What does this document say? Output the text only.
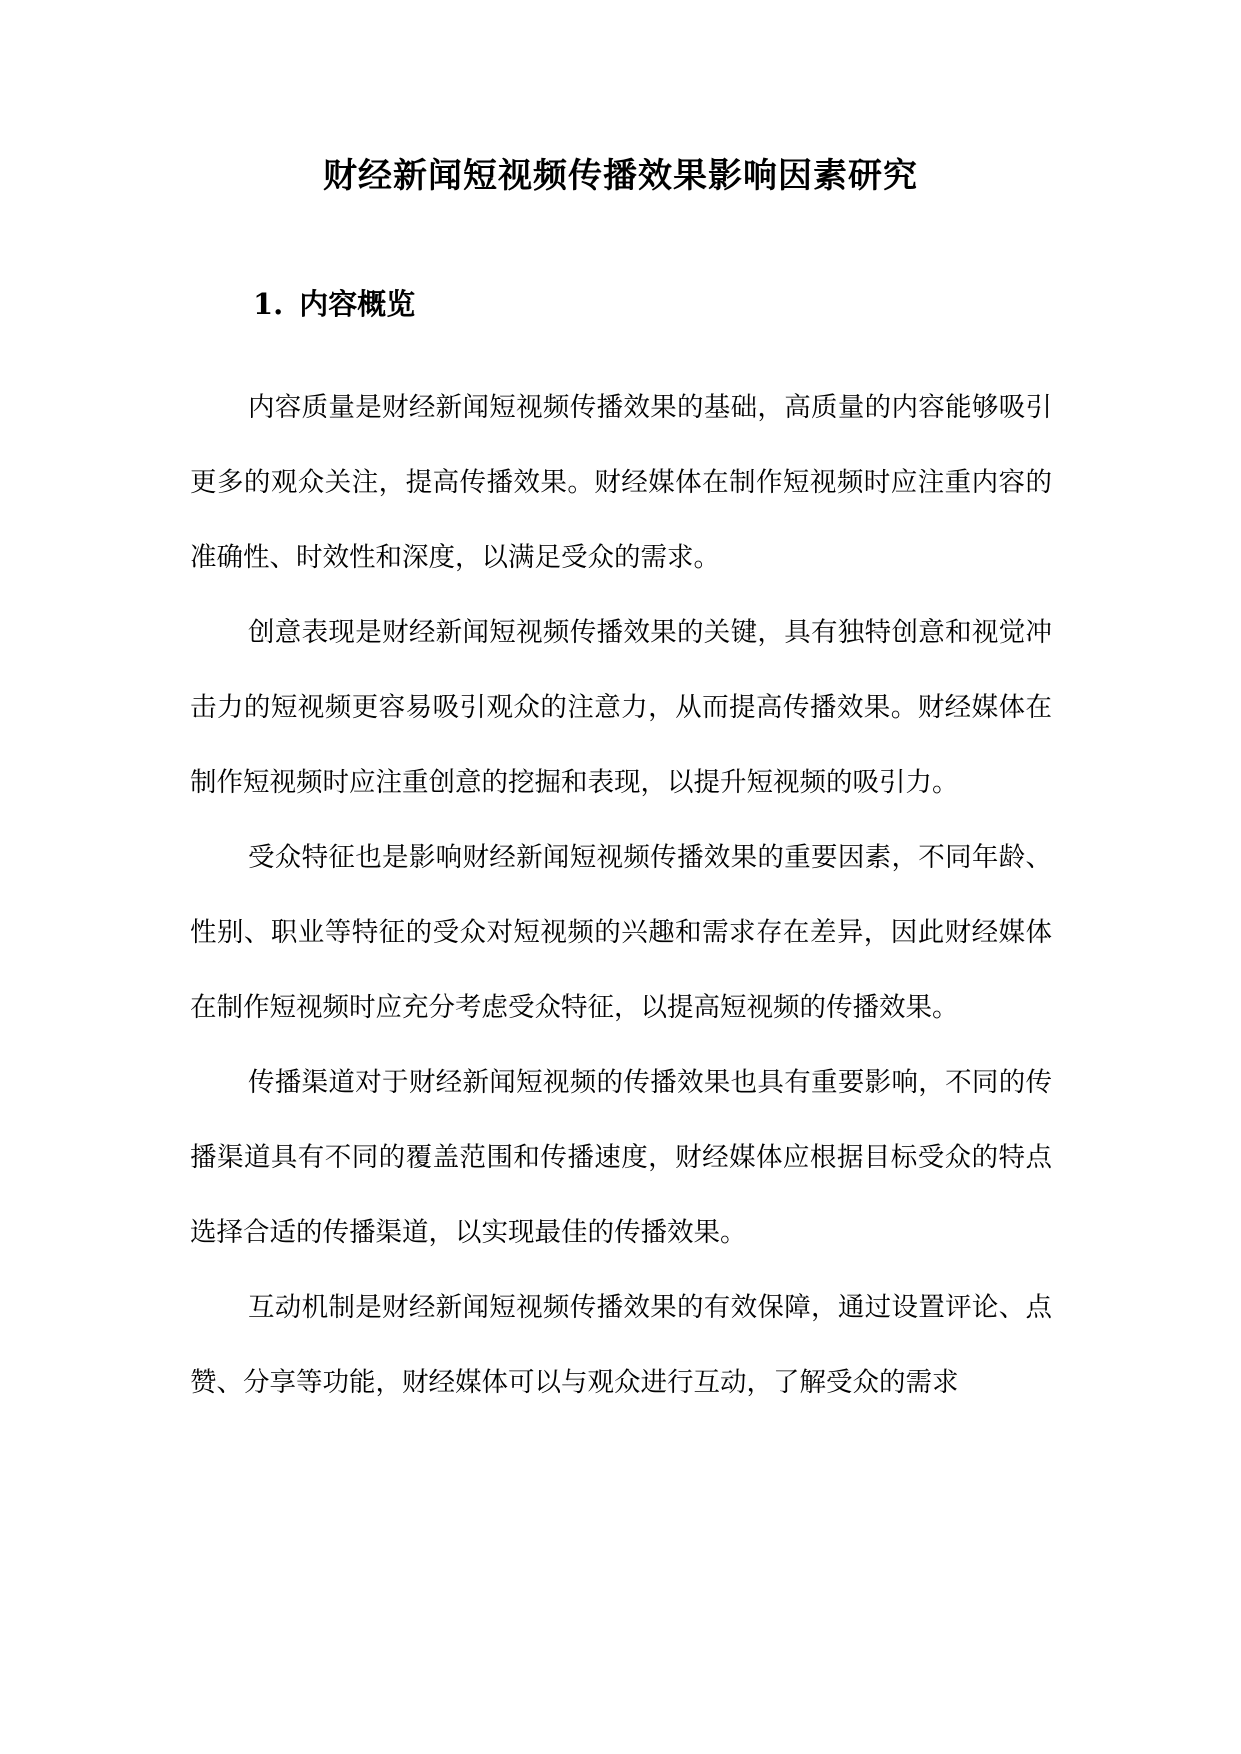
财经新闻短视频传播效果影响因素研究
1. 内容概览

内容质量是财经新闻短视频传播效果的基础，高质量的内容能够吸引更多的观众关注，提高传播效果。财经媒体在制作短视频时应注重内容的准确性、时效性和深度，以满足受众的需求。

创意表现是财经新闻短视频传播效果的关键，具有独特创意和视觉冲击力的短视频更容易吸引观众的注意力，从而提高传播效果。财经媒体在制作短视频时应注重创意的挖掘和表现，以提升短视频的吸引力。

受众特征也是影响财经新闻短视频传播效果的重要因素，不同年龄、性别、职业等特征的受众对短视频的兴趣和需求存在差异，因此财经媒体在制作短视频时应充分考虑受众特征，以提高短视频的传播效果。

传播渠道对于财经新闻短视频的传播效果也具有重要影响，不同的传播渠道具有不同的覆盖范围和传播速度，财经媒体应根据目标受众的特点选择合适的传播渠道，以实现最佳的传播效果。

互动机制是财经新闻短视频传播效果的有效保障，通过设置评论、点赞、分享等功能，财经媒体可以与观众进行互动，了解受众的需求
